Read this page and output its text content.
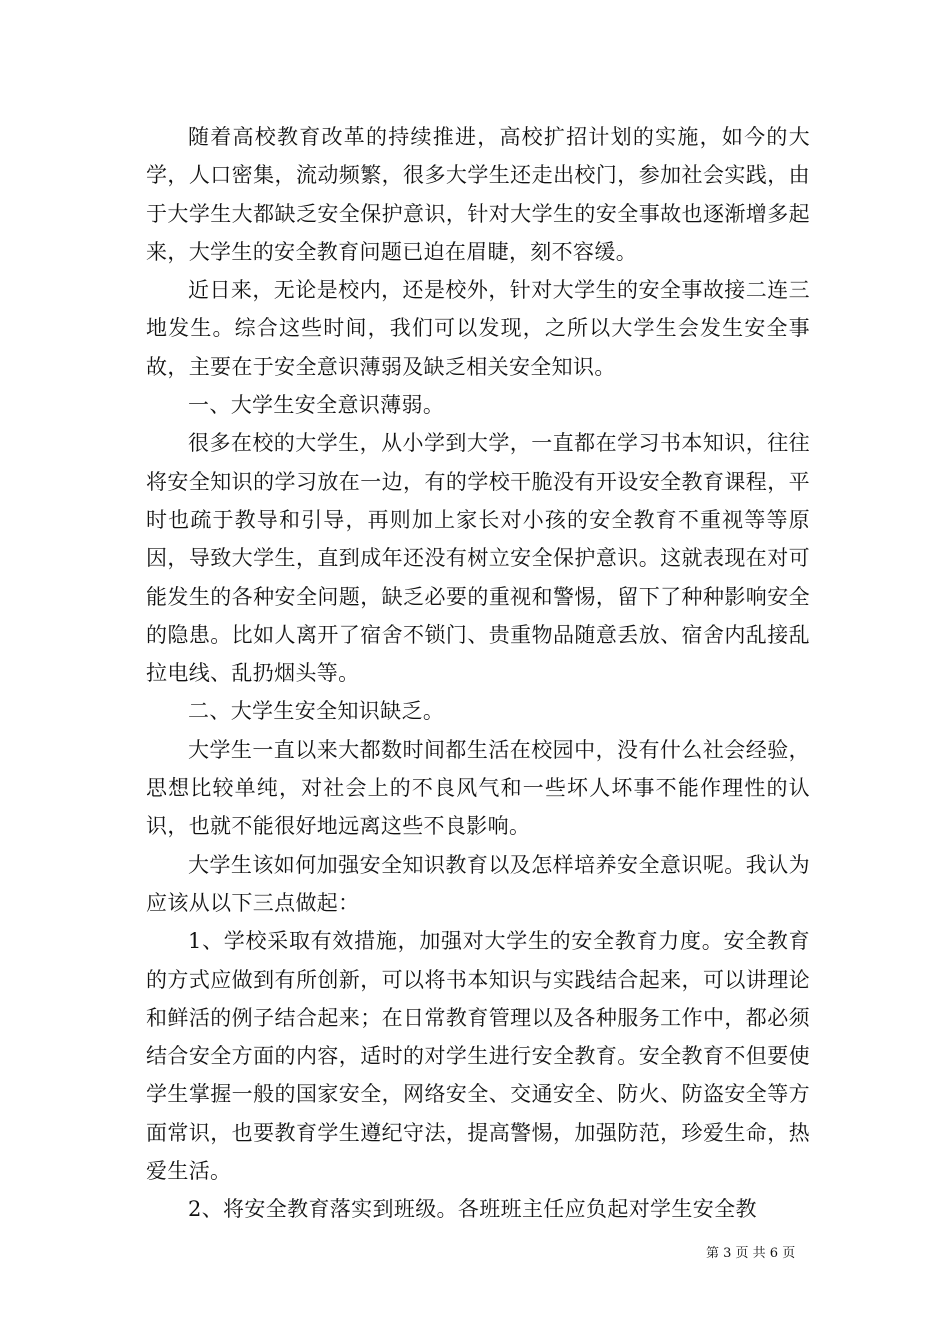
随着高校教育改革的持续推进，高校扩招计划的实施，如今的大学，人口密集，流动频繁，很多大学生还走出校门，参加社会实践，由于大学生大都缺乏安全保护意识，针对大学生的安全事故也逐渐增多起来，大学生的安全教育问题已迫在眉睫，刻不容缓。

近日来，无论是校内，还是校外，针对大学生的安全事故接二连三地发生。综合这些时间，我们可以发现，之所以大学生会发生安全事故，主要在于安全意识薄弱及缺乏相关安全知识。

一、大学生安全意识薄弱。

很多在校的大学生，从小学到大学，一直都在学习书本知识，往往将安全知识的学习放在一边，有的学校干脆没有开设安全教育课程，平时也疏于教导和引导，再则加上家长对小孩的安全教育不重视等等原因，导致大学生，直到成年还没有树立安全保护意识。这就表现在对可能发生的各种安全问题，缺乏必要的重视和警惕，留下了种种影响安全的隐患。比如人离开了宿舍不锁门、贵重物品随意丢放、宿舍内乱接乱拉电线、乱扔烟头等。

二、大学生安全知识缺乏。

大学生一直以来大都数时间都生活在校园中，没有什么社会经验，思想比较单纯，对社会上的不良风气和一些坏人坏事不能作理性的认识，也就不能很好地远离这些不良影响。

大学生该如何加强安全知识教育以及怎样培养安全意识呢。我认为应该从以下三点做起：

1、学校采取有效措施，加强对大学生的安全教育力度。安全教育的方式应做到有所创新，可以将书本知识与实践结合起来，可以讲理论和鲜活的例子结合起来；在日常教育管理以及各种服务工作中，都必须结合安全方面的内容，适时的对学生进行安全教育。安全教育不但要使学生掌握一般的国家安全，网络安全、交通安全、防火、防盗安全等方面常识，也要教育学生遵纪守法，提高警惕，加强防范，珍爱生命，热爱生活。

2、将安全教育落实到班级。各班班主任应负起对学生安全教

第 3 页 共 6 页
